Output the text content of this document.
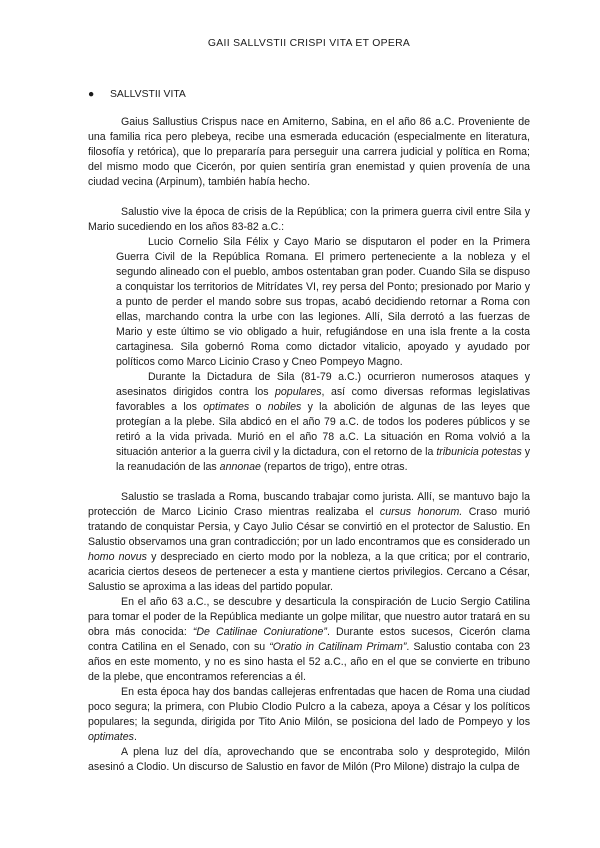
GAII SALLVSTII CRISPI VITA ET OPERA
● SALLVSTII VITA

Gaius Sallustius Crispus nace en Amiterno, Sabina, en el año 86 a.C. Proveniente de una familia rica pero plebeya, recibe una esmerada educación (especialmente en literatura, filosofía y retórica), que lo prepararía para perseguir una carrera judicial y política en Roma; del mismo modo que Cicerón, por quien sentiría gran enemistad y quien provenía de una ciudad vecina (Arpinum), también había hecho.

Salustio vive la época de crisis de la República; con la primera guerra civil entre Sila y Mario sucediendo en los años 83-82 a.C.:

Lucio Cornelio Sila Félix y Cayo Mario se disputaron el poder en la Primera Guerra Civil de la República Romana. El primero perteneciente a la nobleza y el segundo alineado con el pueblo, ambos ostentaban gran poder. Cuando Sila se dispuso a conquistar los territorios de Mitrídates VI, rey persa del Ponto; presionado por Mario y a punto de perder el mando sobre sus tropas, acabó decidiendo retornar a Roma con ellas, marchando contra la urbe con las legiones. Allí, Sila derrotó a las fuerzas de Mario y este último se vio obligado a huir, refugiándose en una isla frente a la costa cartaginesa. Sila gobernó Roma como dictador vitalicio, apoyado y ayudado por políticos como Marco Licinio Craso y Cneo Pompeyo Magno.

Durante la Dictadura de Sila (81-79 a.C.) ocurrieron numerosos ataques y asesinatos dirigidos contra los populares, así como diversas reformas legislativas favorables a los optimates o nobiles y la abolición de algunas de las leyes que protegían a la plebe. Sila abdicó en el año 79 a.C. de todos los poderes públicos y se retiró a la vida privada. Murió en el año 78 a.C. La situación en Roma volvió a la situación anterior a la guerra civil y la dictadura, con el retorno de la tribunicia potestas y la reanudación de las annonae (repartos de trigo), entre otras.

Salustio se traslada a Roma, buscando trabajar como jurista. Allí, se mantuvo bajo la protección de Marco Licinio Craso mientras realizaba el cursus honorum. Craso murió tratando de conquistar Persia, y Cayo Julio César se convirtió en el protector de Salustio. En Salustio observamos una gran contradicción; por un lado encontramos que es considerado un homo novus y despreciado en cierto modo por la nobleza, a la que critica; por el contrario, acaricia ciertos deseos de pertenecer a esta y mantiene ciertos privilegios. Cercano a César, Salustio se aproxima a las ideas del partido popular.

En el año 63 a.C., se descubre y desarticula la conspiración de Lucio Sergio Catilina para tomar el poder de la República mediante un golpe militar, que nuestro autor tratará en su obra más conocida: “De Catilinae Coniuratione”. Durante estos sucesos, Cicerón clama contra Catilina en el Senado, con su “Oratio in Catilinam Primam”. Salustio contaba con 23 años en este momento, y no es sino hasta el 52 a.C., año en el que se convierte en tribuno de la plebe, que encontramos referencias a él.

En esta época hay dos bandas callejeras enfrentadas que hacen de Roma una ciudad poco segura; la primera, con Plubio Clodio Pulcro a la cabeza, apoya a César y los políticos populares; la segunda, dirigida por Tito Anio Milón, se posiciona del lado de Pompeyo y los optimates.

A plena luz del día, aprovechando que se encontraba solo y desprotegido, Milón asesinó a Clodio. Un discurso de Salustio en favor de Milón (Pro Milone) distrajo la culpa de
